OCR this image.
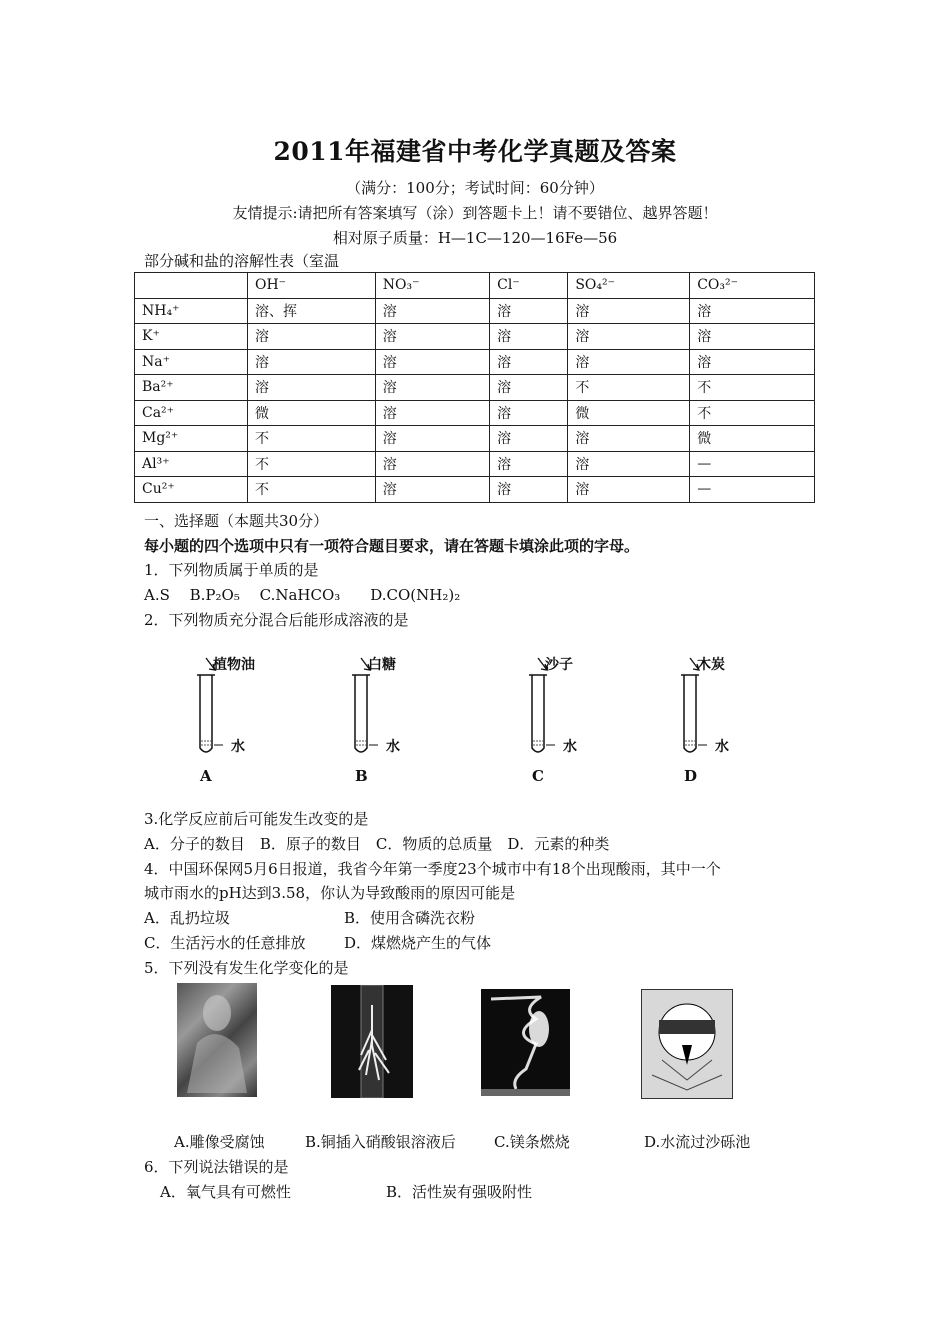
2011年福建省中考化学真题及答案
（满分：100分；考试时间：60分钟）
友情提示:请把所有答案填写（涂）到答题卡上！请不要错位、越界答题！
相对原子质量：H—1C—120—16Fe—56
部分碱和盐的溶解性表（室温
	OH⁻	NO₃⁻	Cl⁻	SO₄²⁻	CO₃²⁻
NH₄⁺	溶、挥	溶	溶	溶	溶
K⁺	溶	溶	溶	溶	溶
Na⁺	溶	溶	溶	溶	溶
Ba²⁺	溶	溶	溶	不	不
Ca²⁺	微	溶	溶	微	不
Mg²⁺	不	溶	溶	溶	微
Al³⁺	不	溶	溶	溶	—
Cu²⁺	不	溶	溶	溶	—
一、选择题（本题共30分）
每小题的四个选项中只有一项符合题目要求，请在答题卡填涂此项的字母。
1．下列物质属于单质的是
A.S　 B.P₂O₅　 C.NaHCO₃　　D.CO(NH₂)₂
2．下列物质充分混合后能形成溶液的是
植物油
水
A
白糖
水
B
沙子
水
C
木炭
水
D
3.化学反应前后可能发生改变的是
A．分子的数目　B．原子的数目　C．物质的总质量　D．元素的种类
4．中国环保网5月6日报道，我省今年第一季度23个城市中有18个出现酸雨，其中一个
城市雨水的pH达到3.58，你认为导致酸雨的原因可能是
A．乱扔垃圾	B．使用含磷洗衣粉
C．生活污水的任意排放	D．煤燃烧产生的气体
5．下列没有发生化学变化的是
A.雕像受腐蚀	B.铜插入硝酸银溶液后	C.镁条燃烧	D.水流过沙砾池
6．下列说法错误的是
A．氧气具有可燃性	B．活性炭有强吸附性
